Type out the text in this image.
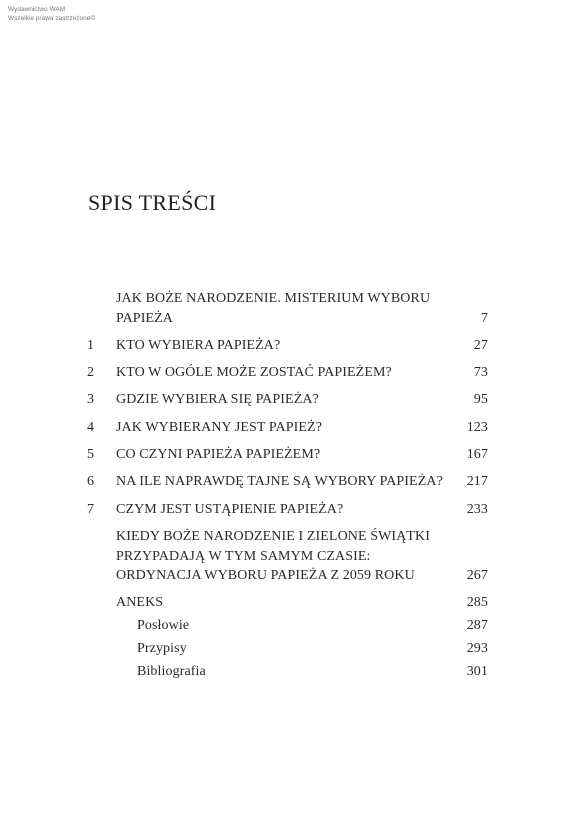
Wydawnictwo WAM
Wszelkie prawa zastrzeżone©
SPIS TREŚCI
JAK BOŻE NARODZENIE. MISTERIUM WYBORU
PAPIEŻA	7
1 KTO WYBIERA PAPIEŻA?	27
2 KTO W OGÓLE MOŻE ZOSTAĆ PAPIEŻEM?	73
3 GDZIE WYBIERA SIĘ PAPIEŻA?	95
4 JAK WYBIERANY JEST PAPIEŻ?	123
5 CO CZYNI PAPIEŻA PAPIEŻEM?	167
6 NA ILE NAPRAWDĘ TAJNE SĄ WYBORY PAPIEŻA? 217
7 CZYM JEST USTĄPIENIE PAPIEŻA?	233
KIEDY BOŻE NARODZENIE I ZIELONE ŚWIĄTKI
PRZYPADAJĄ W TYM SAMYM CZASIE:
ORDYNACJA WYBORU PAPIEŻA Z 2059 ROKU	267
ANEKS	285
Posłowie	287
Przypisy	293
Bibliografia	301
